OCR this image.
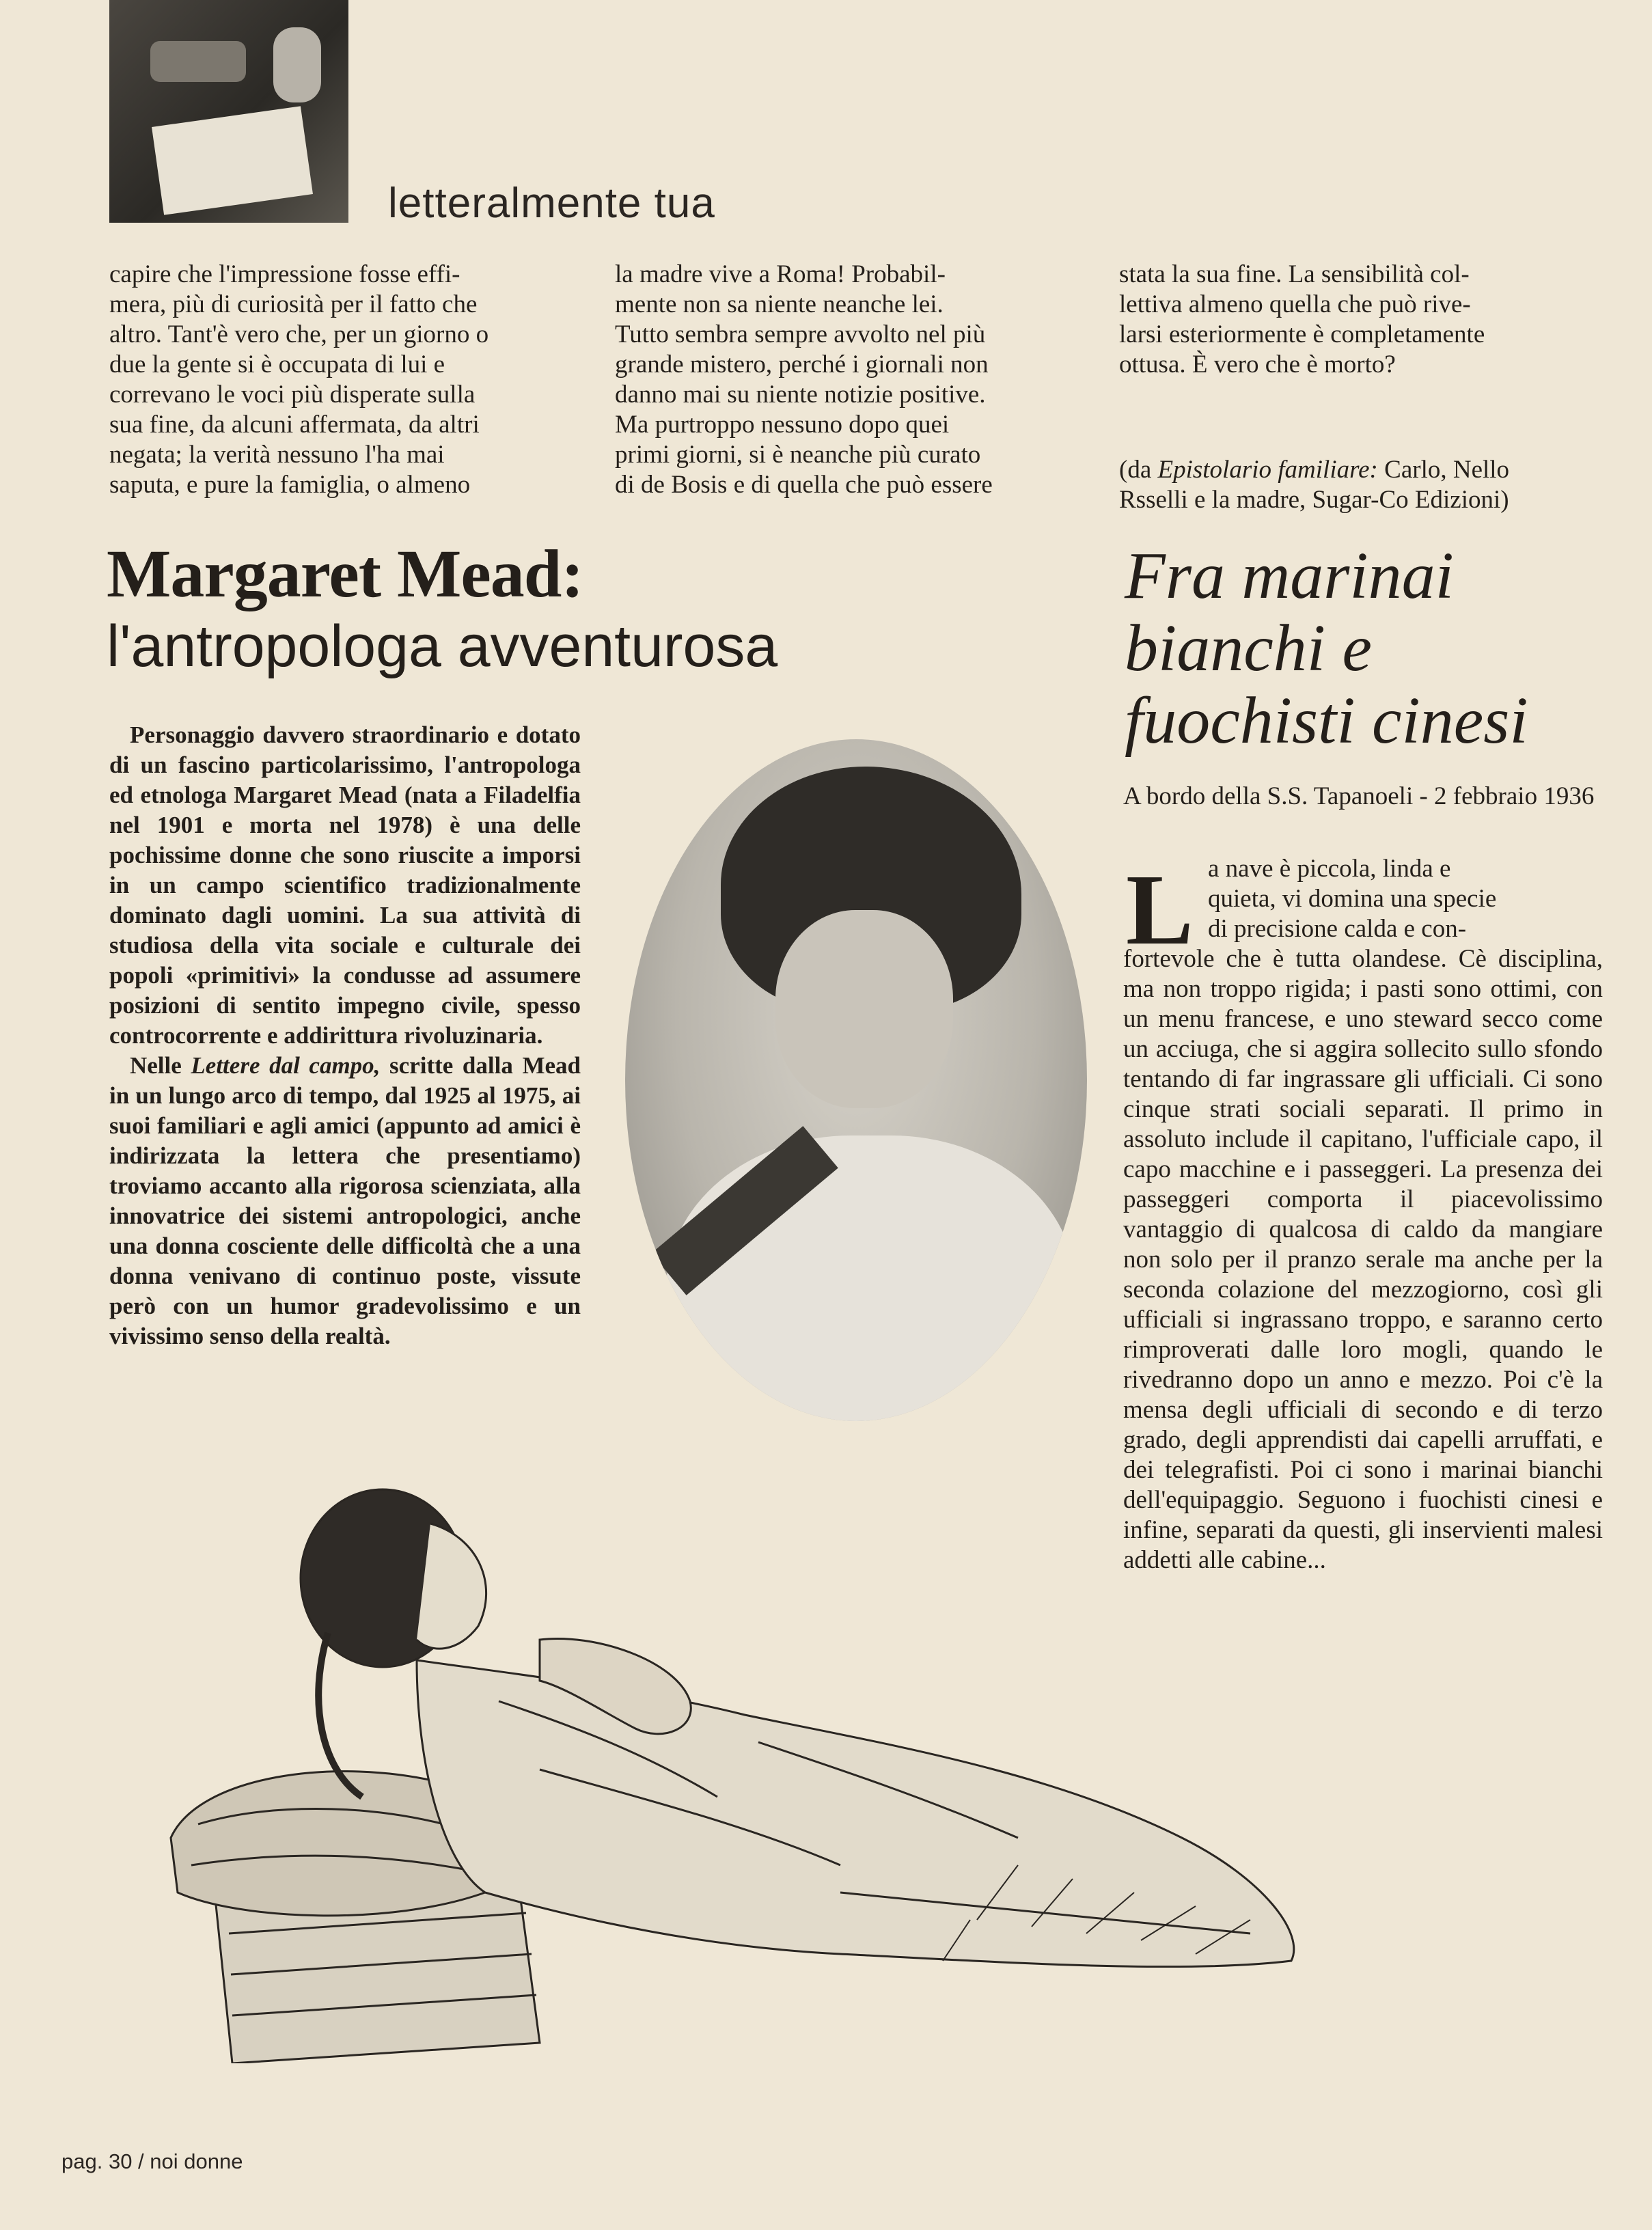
letteralmente tua
capire che l'impressione fosse effi-
mera, più di curiosità per il fatto che
altro. Tant'è vero che, per un giorno o
due la gente si è occupata di lui e
correvano le voci più disperate sulla
sua fine, da alcuni affermata, da altri
negata; la verità nessuno l'ha mai
saputa, e pure la famiglia, o almeno
la madre vive a Roma! Probabil-
mente non sa niente neanche lei.
Tutto sembra sempre avvolto nel più
grande mistero, perché i giornali non
danno mai su niente notizie positive.
Ma purtroppo nessuno dopo quei
primi giorni, si è neanche più curato
di de Bosis e di quella che può essere
stata la sua fine. La sensibilità col-
lettiva almeno quella che può rive-
larsi esteriormente è completamente
ottusa. È vero che è morto?
(da Epistolario familiare: Carlo, Nello
Rsselli e la madre, Sugar-Co Edizioni)
Margaret Mead:
l'antropologa avventurosa
Fra marinai
bianchi e
fuochisti cinesi

Personaggio davvero straordinario e dotato di un fascino particolarissimo, l'antropologa ed etnologa Margaret Mead (nata a Filadelfia nel 1901 e morta nel 1978) è una delle pochissime donne che sono riuscite a imporsi in un campo scientifico tradizionalmente dominato dagli uomini. La sua attività di studiosa della vita sociale e culturale dei popoli «primitivi» la condusse ad assumere posizioni di sentito impegno civile, spesso controcorrente e addirittura rivoluzinaria.

Nelle Lettere dal campo, scritte dalla Mead in un lungo arco di tempo, dal 1925 al 1975, ai suoi familiari e agli amici (appunto ad amici è indirizzata la lettera che presentiamo) troviamo accanto alla rigorosa scienziata, alla innovatrice dei sistemi antropologici, anche una donna cosciente delle difficoltà che a una donna venivano di continuo poste, vissute però con un humor gradevolissimo e un vivissimo senso della realtà.

A bordo della S.S. Tapanoeli - 2 febbraio 1936
L a nave è piccola, linda e
quieta, vi domina una specie
di precisione calda e con-

fortevole che è tutta olandese. Cè disciplina, ma non troppo rigida; i pasti sono ottimi, con un menu francese, e uno steward secco come un acciuga, che si aggira sollecito sullo sfondo tentando di far ingrassare gli ufficiali. Ci sono cinque strati sociali separati. Il primo in assoluto include il capitano, l'ufficiale capo, il capo macchine e i passeggeri. La presenza dei passeggeri comporta il piacevolissimo vantaggio di qualcosa di caldo da mangiare non solo per il pranzo serale ma anche per la seconda colazione del mezzogiorno, così gli ufficiali si ingrassano troppo, e saranno certo rimproverati dalle loro mogli, quando le rivedranno dopo un anno e mezzo. Poi c'è la mensa degli ufficiali di secondo e di terzo grado, degli apprendisti dai capelli arruffati, e dei telegrafisti. Poi ci sono i marinai bianchi dell'equipaggio. Seguono i fuochisti cinesi e infine, separati da questi, gli inservienti malesi addetti alle cabine...

pag. 30 / noi donne
